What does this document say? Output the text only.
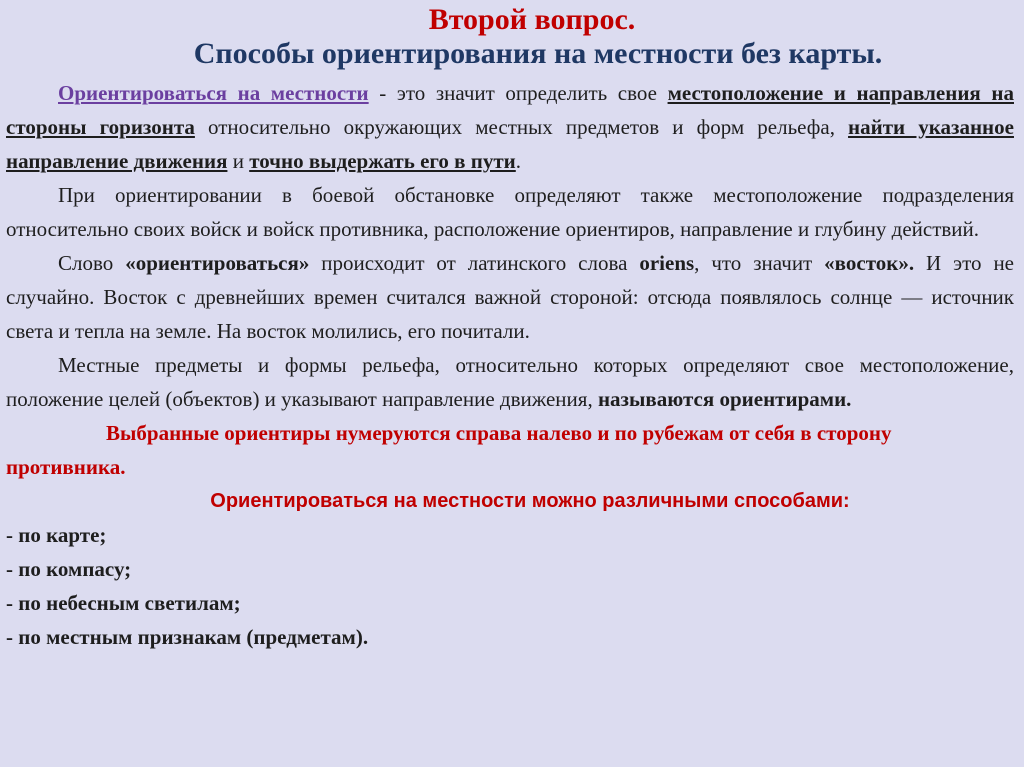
Второй вопрос.
Способы ориентирования на местности без карты.

Ориентироваться на местности - это значит определить свое местоположение и направления на стороны горизонта относительно окружающих местных предметов и форм рельефа, найти указанное направление движения и точно выдержать его в пути.

При ориентировании в боевой обстановке определяют также местоположение подразделения относительно своих войск и войск противника, расположение ориентиров, направление и глубину действий.

Слово «ориентироваться» происходит от латинского слова oriens, что значит «восток». И это не случайно. Восток с древнейших времен считался важной стороной: отсюда появлялось солнце — источник света и тепла на земле. На восток молились, его почитали.

Местные предметы и формы рельефа, относительно которых определяют свое местоположение, положение целей (объектов) и указывают направление движения, называются ориентирами.

Выбранные ориентиры нумеруются справа налево и по рубежам от себя в сторону противника.

Ориентироваться на местности можно различными способами:

- по карте;
- по компасу;
- по небесным светилам;
- по местным признакам (предметам).
